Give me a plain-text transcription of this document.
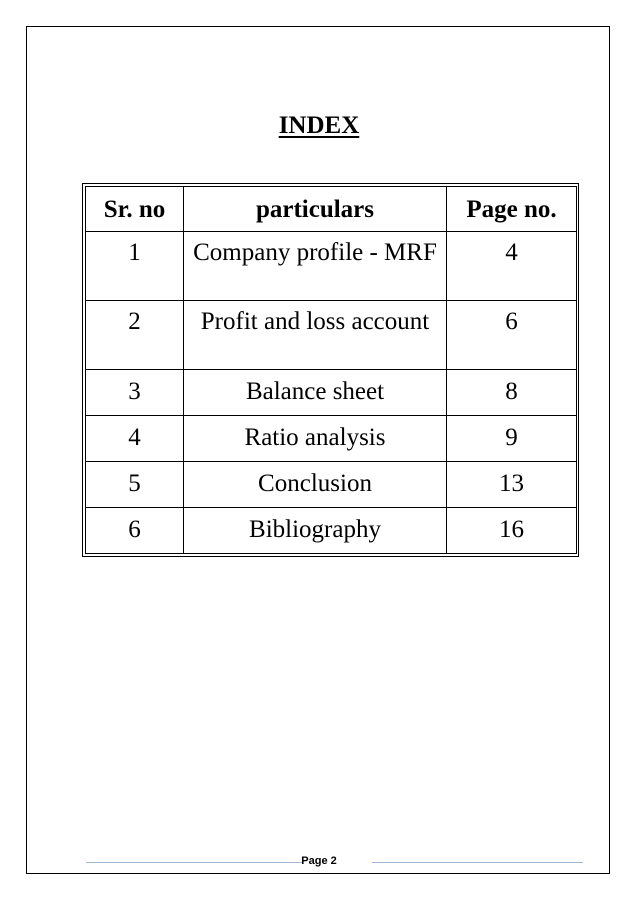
INDEX
Sr. no	particulars	Page no.
1	Company profile - MRF	4
2	Profit and loss account	6
3	Balance sheet	8
4	Ratio analysis	9
5	Conclusion	13
6	Bibliography	16
Page 2
